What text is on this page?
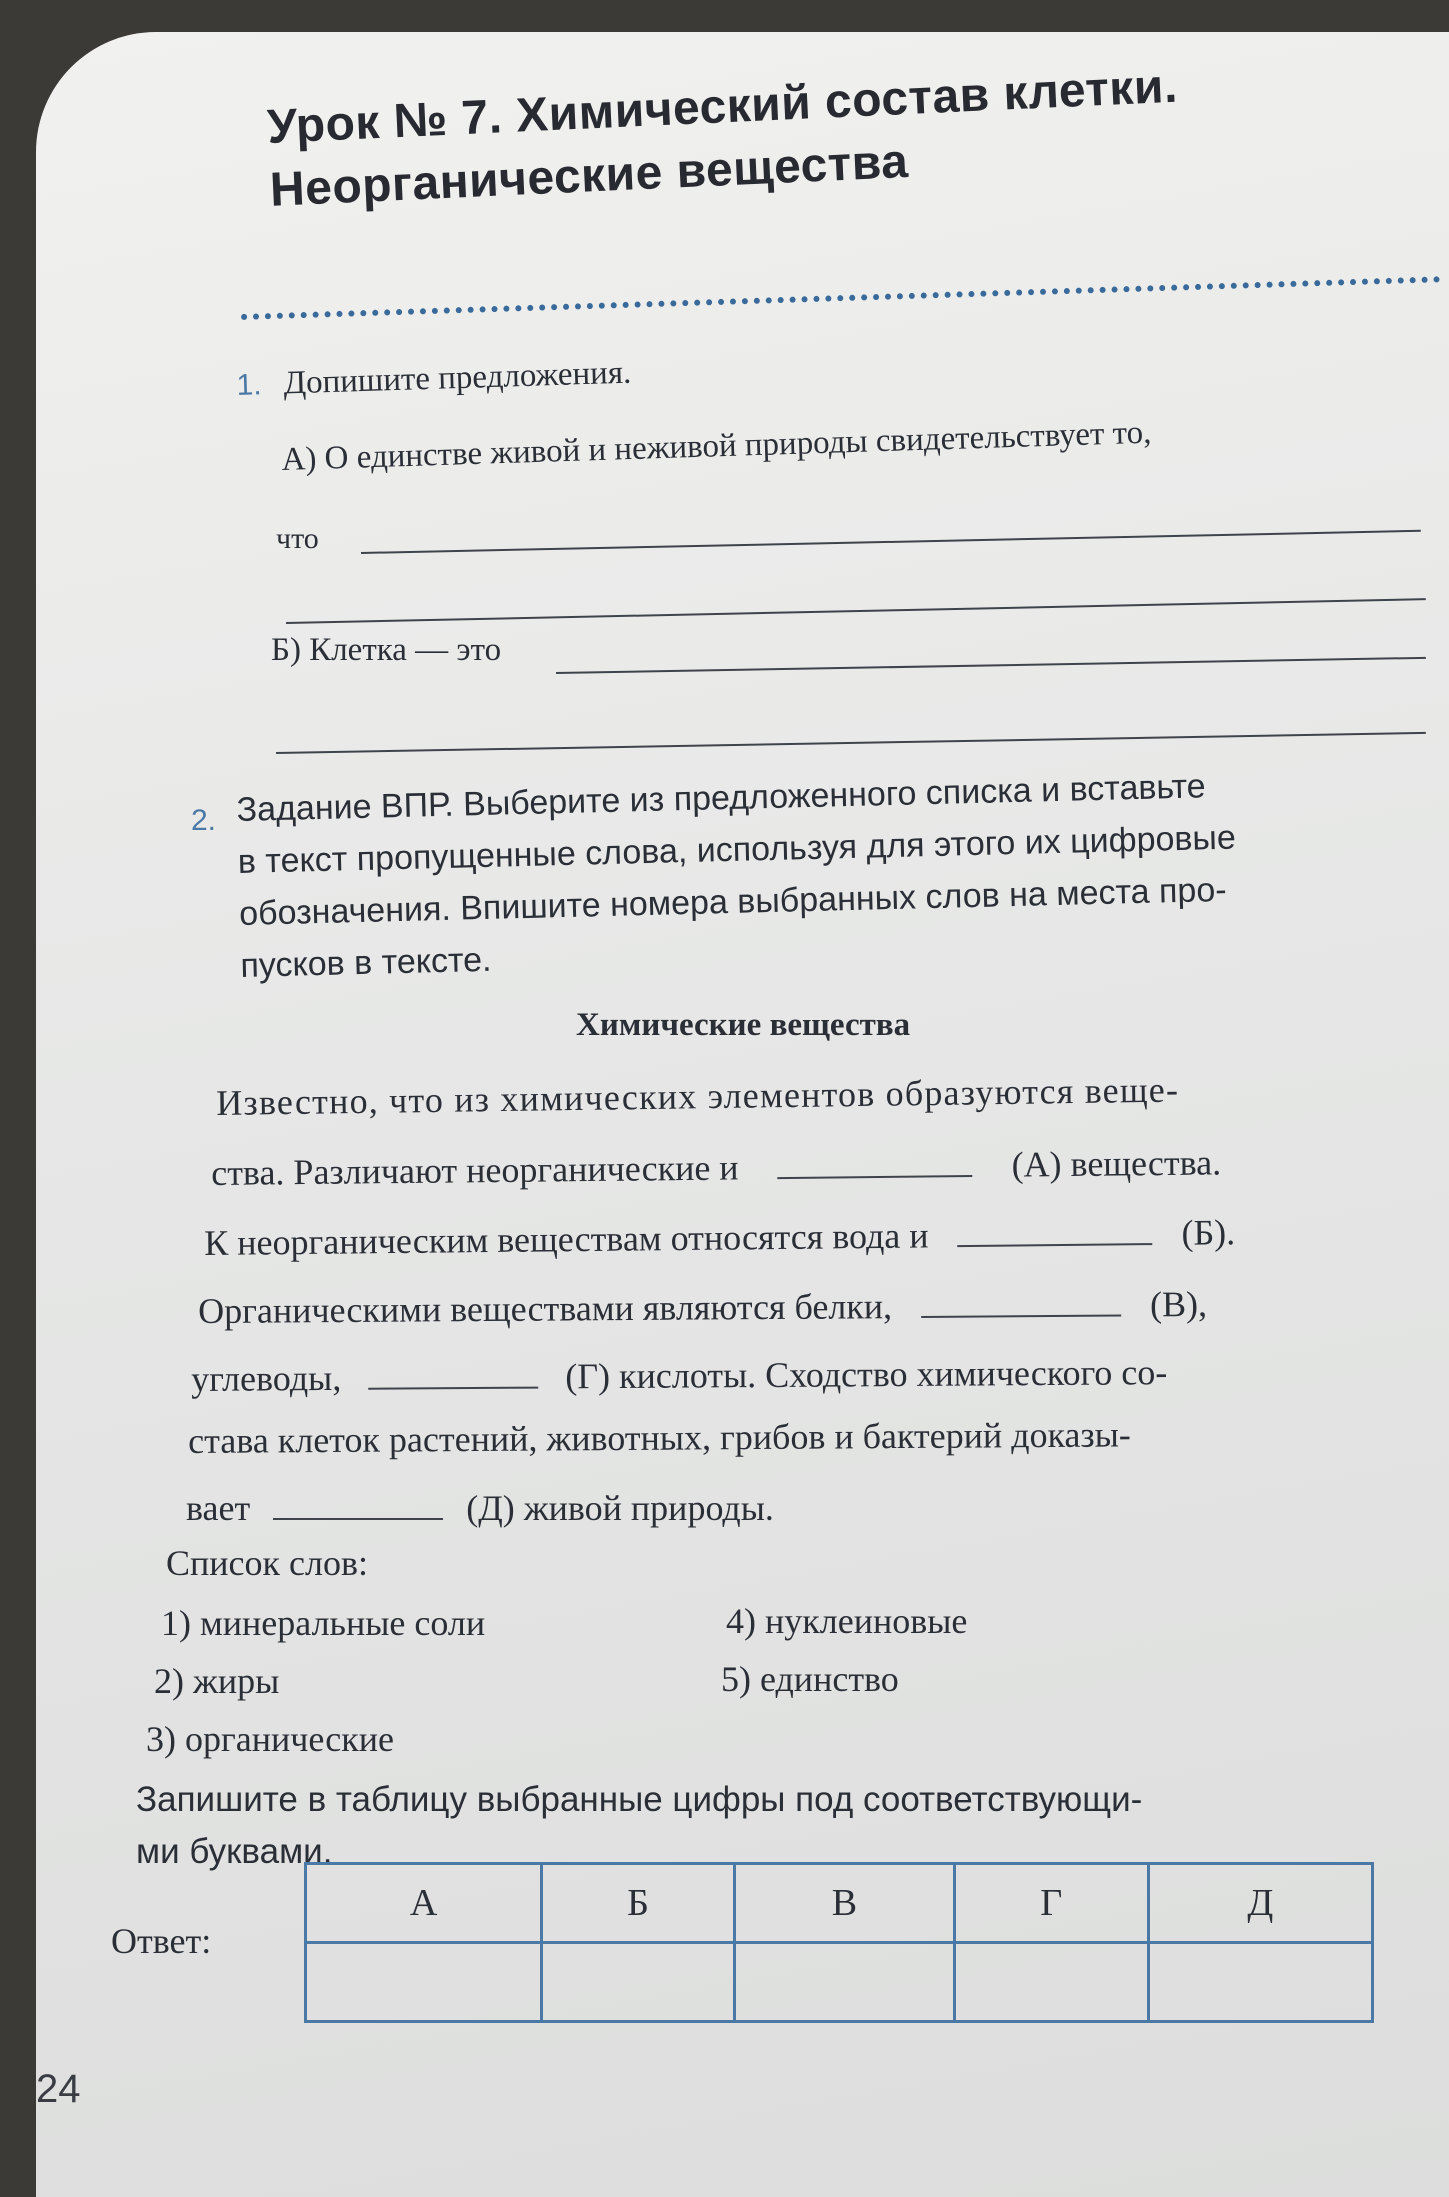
Урок № 7. Химический состав клетки.
Неорганические вещества
1. Допишите предложения.
А) О единстве живой и неживой природы свидетельствует то,
что
Б) Клетка — это
2. Задание ВПР. Выберите из предложенного списка и вставьте
в текст пропущенные слова, используя для этого их цифровые
обозначения. Впишите номера выбранных слов на места про-
пусков в тексте.
Химические вещества
Известно, что из химических элементов образуются веще-
ства. Различают неорганические и	(А) вещества.
К неорганическим веществам относятся вода и	(Б).
Органическими веществами являются белки,	(В),
углеводы,	(Г) кислоты. Сходство химического со-
става клеток растений, животных, грибов и бактерий доказы-
вает	(Д) живой природы.
Список слов:
1) минеральные соли
2) жиры
3) органические
4) нуклеиновые
5) единство
Запишите в таблицу выбранные цифры под соответствующи-
ми буквами.
Ответ:
А	Б	В	Г	Д

24
